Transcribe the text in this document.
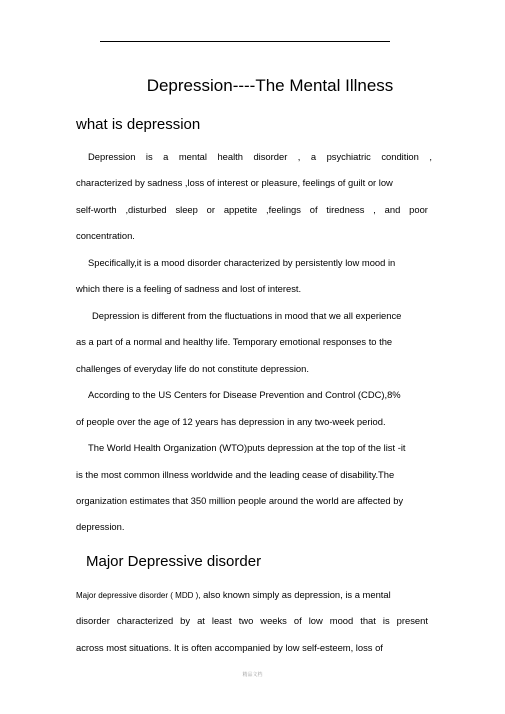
Depression----The Mental Illness
what is depression
Depression is a mental health disorder , a psychiatric condition ,
characterized by sadness ,loss of interest or pleasure, feelings of guilt or low
self-worth ,disturbed sleep or appetite ,feelings of tiredness , and poor
concentration.
Specifically,it is a mood disorder characterized by persistently low mood in
which there is a feeling of sadness and lost of interest.
Depression is different from the fluctuations in mood that we all experience
as a part of a normal and healthy life. Temporary emotional responses to the
challenges of everyday life do not constitute depression.
According to the US Centers for Disease Prevention and Control (CDC),8%
of people over the age of 12 years has depression in any two-week period.
The World Health Organization (WTO)puts depression at the top of the list -it
is the most common illness worldwide and the leading cease of disability.The
organization estimates that 350 million people around the world are affected by
depression.
Major Depressive disorder
Major depressive disorder ( MDD ), also known simply as depression, is a mental
disorder characterized by at least two weeks of low mood that is present
across most situations. It is often accompanied by low self-esteem, loss of
精品文档
